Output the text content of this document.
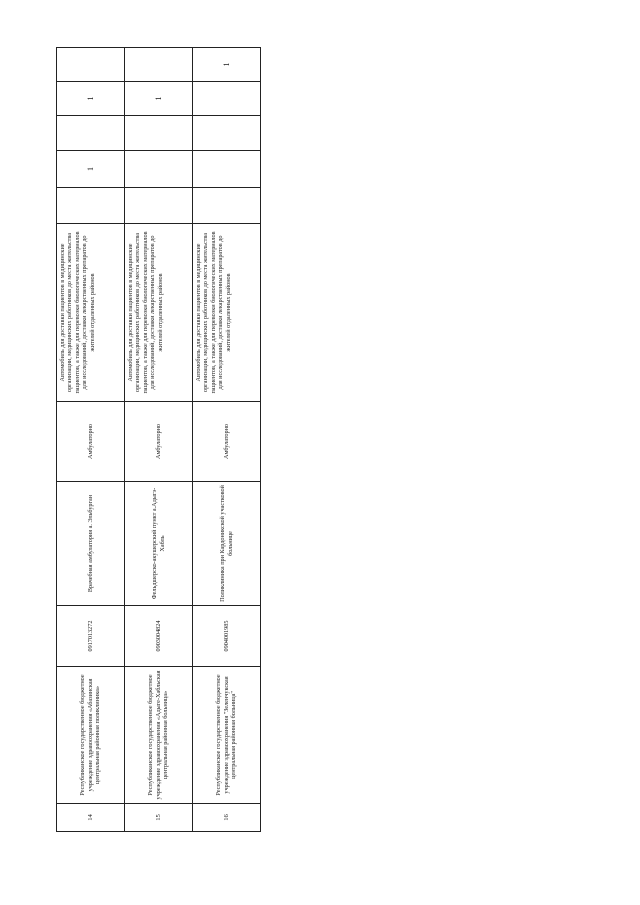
14	Республиканское государственное бюджетное учреждение здравоохранения «Абазинская центральная районная поликлиника»	0917013272	Врачебная амбулатория а. Эльбурган	Амбулаторно	Автомобиль для доставки пациентов в медицинские организации, медицинских работников до места жительства пациентов, а также для перевозки биологических материалов для исследований, доставки лекарственных препаратов до жителей отдаленных районов		1		1	
15	Республиканское государственное бюджетное учреждение здравоохранения «Адыге-Хабльская центральная районная больница»	0903004824	Фельдшерско-акушерский пункт а.Адыгэ-Хабль	Амбулаторно	Автомобиль для доставки пациентов в медицинские организации, медицинских работников до места жительства пациентов, а также для перевозки биологических материалов для исследований, доставки лекарственных препаратов до жителей отдаленных районов				1	
16	Республиканское государственное бюджетное учреждение здравоохранения "Зеленчукская центральная районная больница"	0904001985	Поликлиника при Кардоникской участковой больнице	Амбулаторно	Автомобиль для доставки пациентов в медицинские организации, медицинских работников до места жительства пациентов, а также для перевозки биологических материалов для исследований, доставки лекарственных препаратов до жителей отдаленных районов					1
